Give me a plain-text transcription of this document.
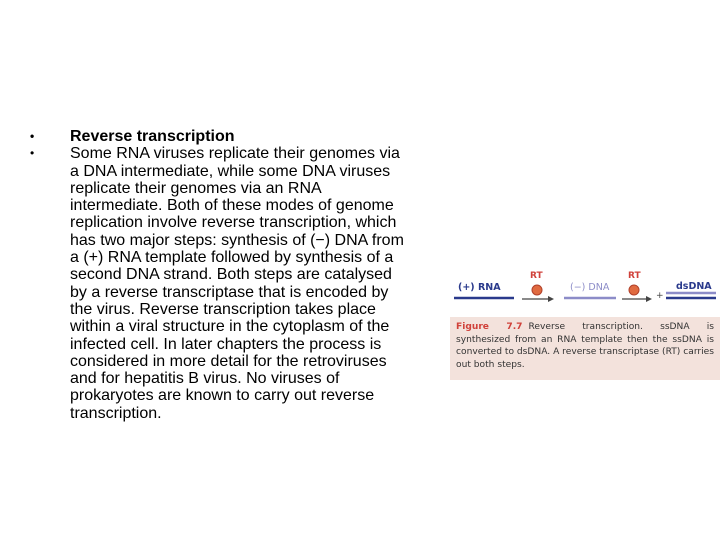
• Reverse transcription
• Some RNA viruses replicate their genomes via a DNA intermediate, while some DNA viruses replicate their genomes via an RNA intermediate. Both of these modes of genome replication involve reverse transcription, which has two major steps: synthesis of (−) DNA from a (+) RNA template followed by synthesis of a second DNA strand. Both steps are catalysed by a reverse transcriptase that is encoded by the virus. Reverse transcription takes place within a viral structure in the cytoplasm of the infected cell. In later chapters the process is considered in more detail for the retroviruses and for hepatitis B virus. No viruses of prokaryotes are known to carry out reverse transcription.
(+) RNA
RT
(−) DNA
RT
+
dsDNA

Figure 7.7 Reverse transcription. ssDNA is synthesized from an RNA template then the ssDNA is converted to dsDNA. A reverse transcriptase (RT) carries out both steps.
